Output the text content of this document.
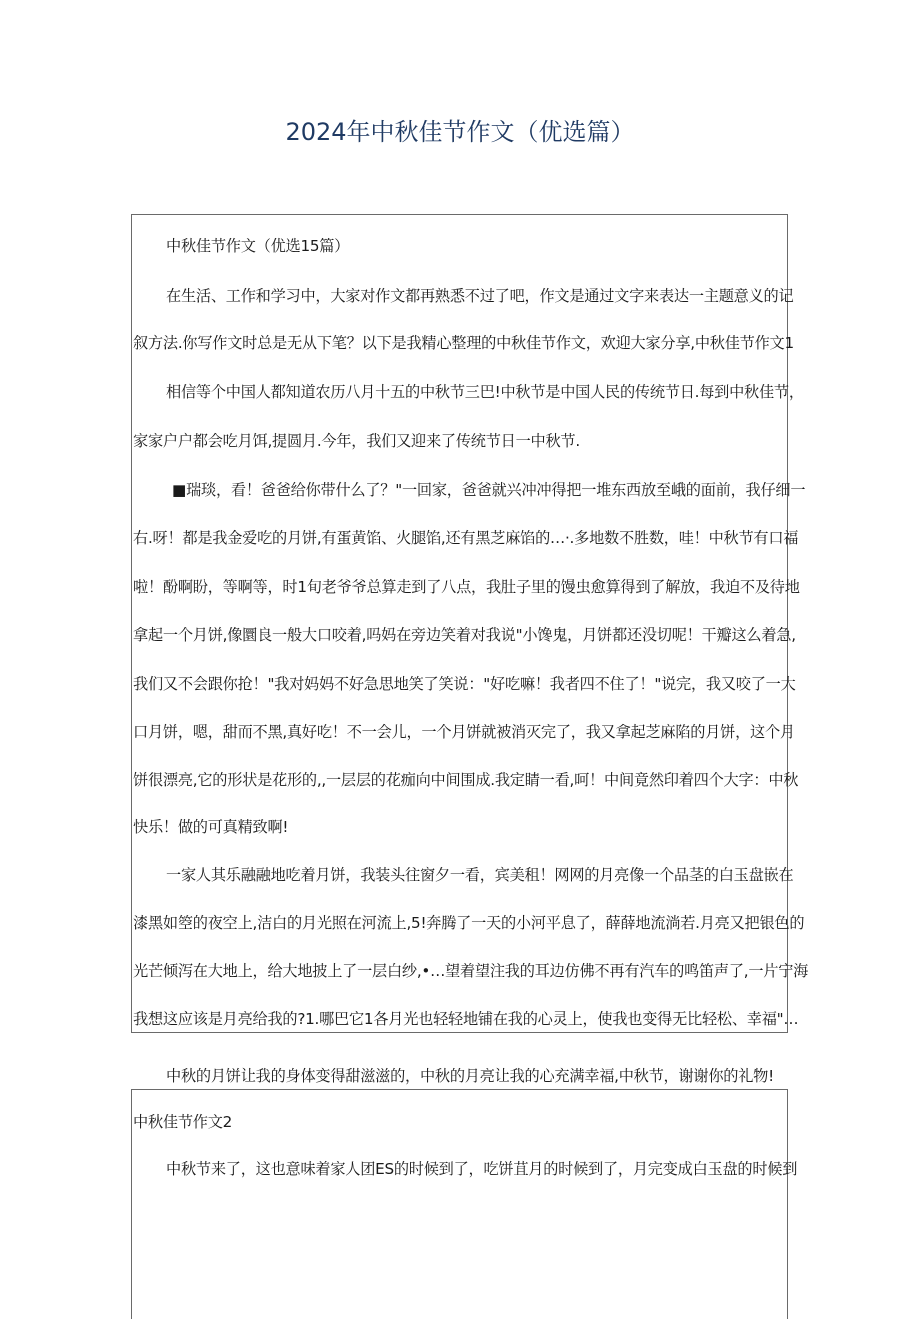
2024年中秋佳节作文（优选篇）
中秋佳节作文（优选15篇）
在生活、工作和学习中，大家对作文都再熟悉不过了吧，作文是通过文字来表达一主题意义的记
叙方法.你写作文时总是无从下笔？以下是我精心整理的中秋佳节作文，欢迎大家分享,中秋佳节作文1
相信等个中国人都知道农历八月十五的中秋节三巴!中秋节是中国人民的传统节日.每到中秋佳节，
家家户户都会吃月饵,提圆月.今年，我们又迎来了传统节日一中秋节.
■瑞琰，看！爸爸给你带什么了？"一回家，爸爸就兴冲冲得把一堆东西放至峨的面前，我仔细一
右.呀！都是我金爱吃的月饼,有蛋黄馅、火腿馅,还有黑芝麻馅的…·.多地数不胜数，哇！中秋节有口福
啦！酚啊盼，等啊等，时1旬老爷爷总算走到了八点，我肚子里的馒虫愈算得到了解放，我迫不及待地
拿起一个月饼,像圜良一般大口咬着,吗妈在旁边笑着对我说"小馋鬼，月饼都还没切呢！干瓣这么着急,
我们又不会跟你抢！"我对妈妈不好急思地笑了笑说："好吃嘛！我者四不住了！"说完，我又咬了一大
口月饼，嗯，甜而不黑,真好吃！不一会儿，一个月饼就被消灭完了，我又拿起芝麻陷的月饼，这个月
饼很漂亮,它的形状是花形的,,一层层的花痂向中间围成.我定睛一看,呵！中间竟然印着四个大字：中秋
快乐！做的可真精致啊!
一家人其乐融融地吃着月饼，我装头往窗夕一看，宾美租！网网的月亮像一个品茎的白玉盘嵌在
漆黑如箜的夜空上,洁白的月光照在河流上,5!奔腾了一天的小河平息了，薛薛地流淌若.月亮又把银色的
光芒倾泻在大地上，给大地披上了一层白纱,•…望着望注我的耳边仿佛不再有汽车的鸣笛声了,一片宁海
我想这应该是月亮给我的?1.哪巴它1各月光也轻轻地铺在我的心灵上，使我也变得无比轻松、幸福"…
中秋的月饼让我的身体变得甜滋滋的，中秋的月亮让我的心充满幸福,中秋节，谢谢你的礼物!
中秋佳节作文2
中秋节来了，这也意味着家人团ES的时候到了，吃饼苴月的时候到了，月完变成白玉盘的时候到
